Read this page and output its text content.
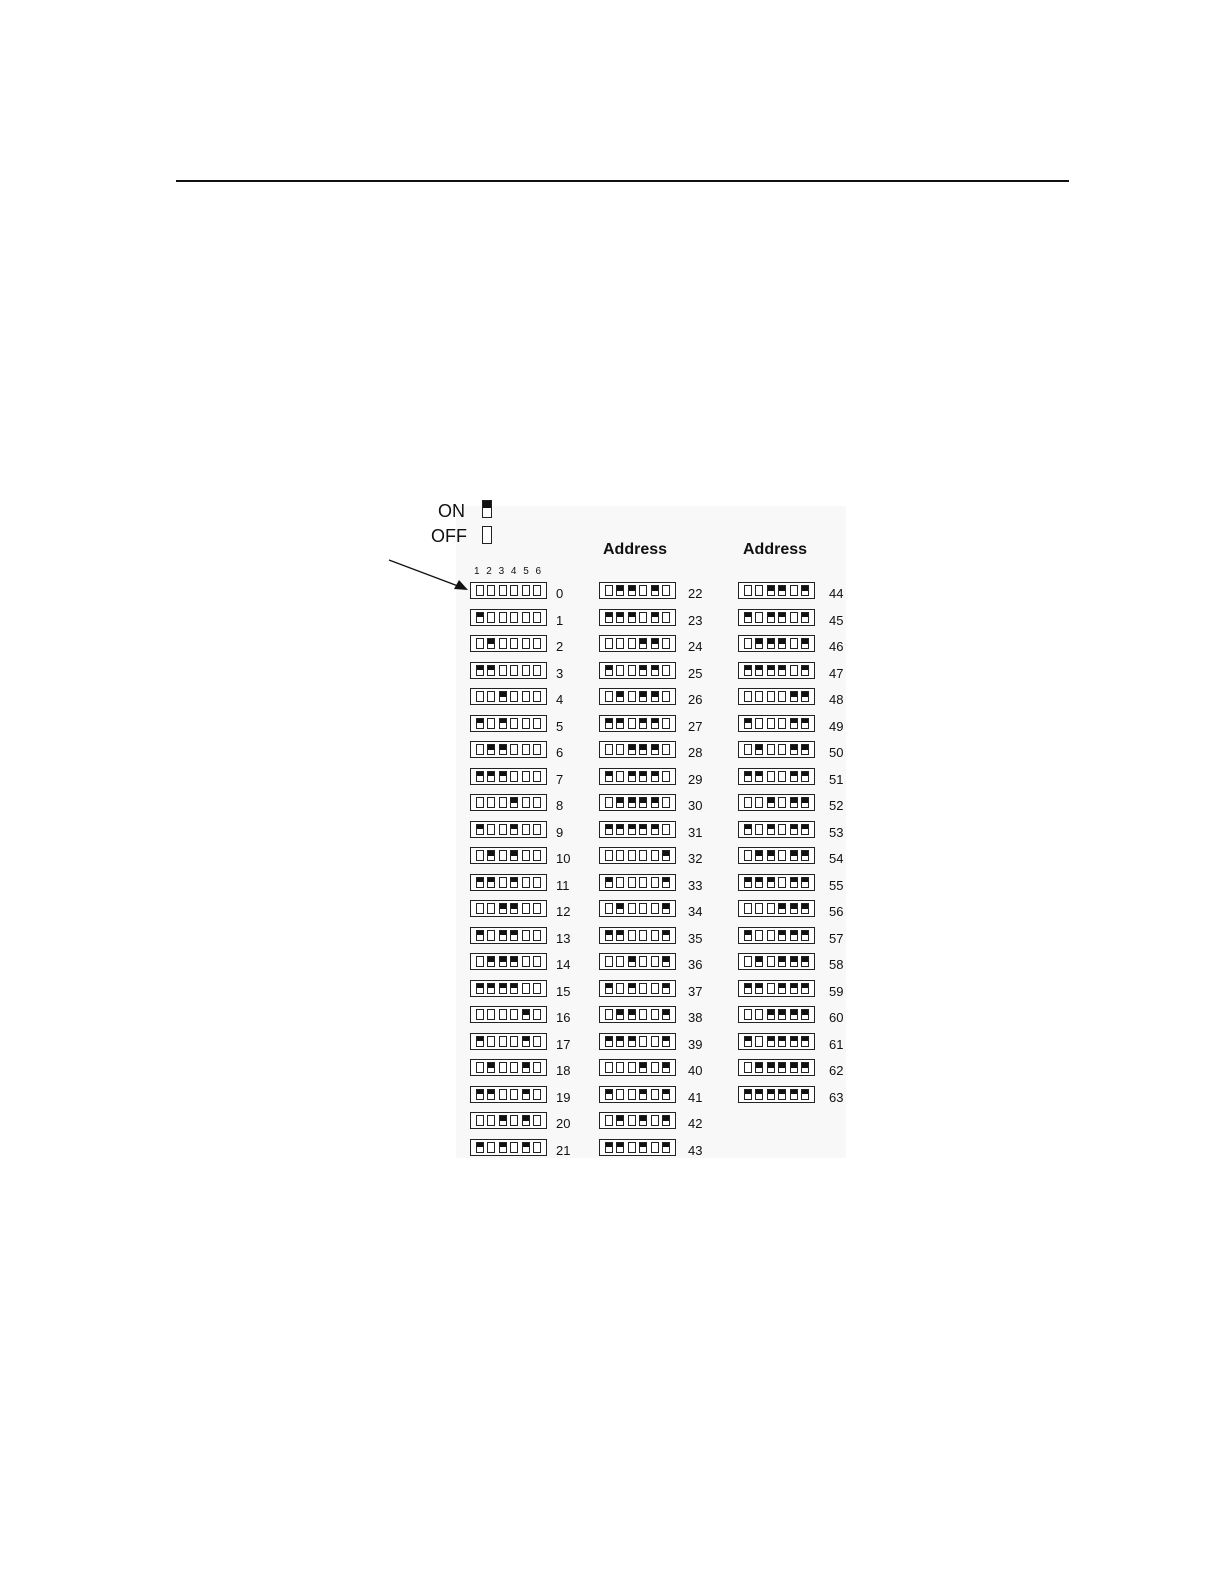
ON
OFF
Address	Address
1 2 3 4 5 6
0
1
2
3
4
5
6
7
8
9
10
11
12
13
14
15
16
17
18
19
20
21
22
23
24
25
26
27
28
29
30
31
32
33
34
35
36
37
38
39
40
41
42
43
44
45
46
47
48
49
50
51
52
53
54
55
56
57
58
59
60
61
62
63
